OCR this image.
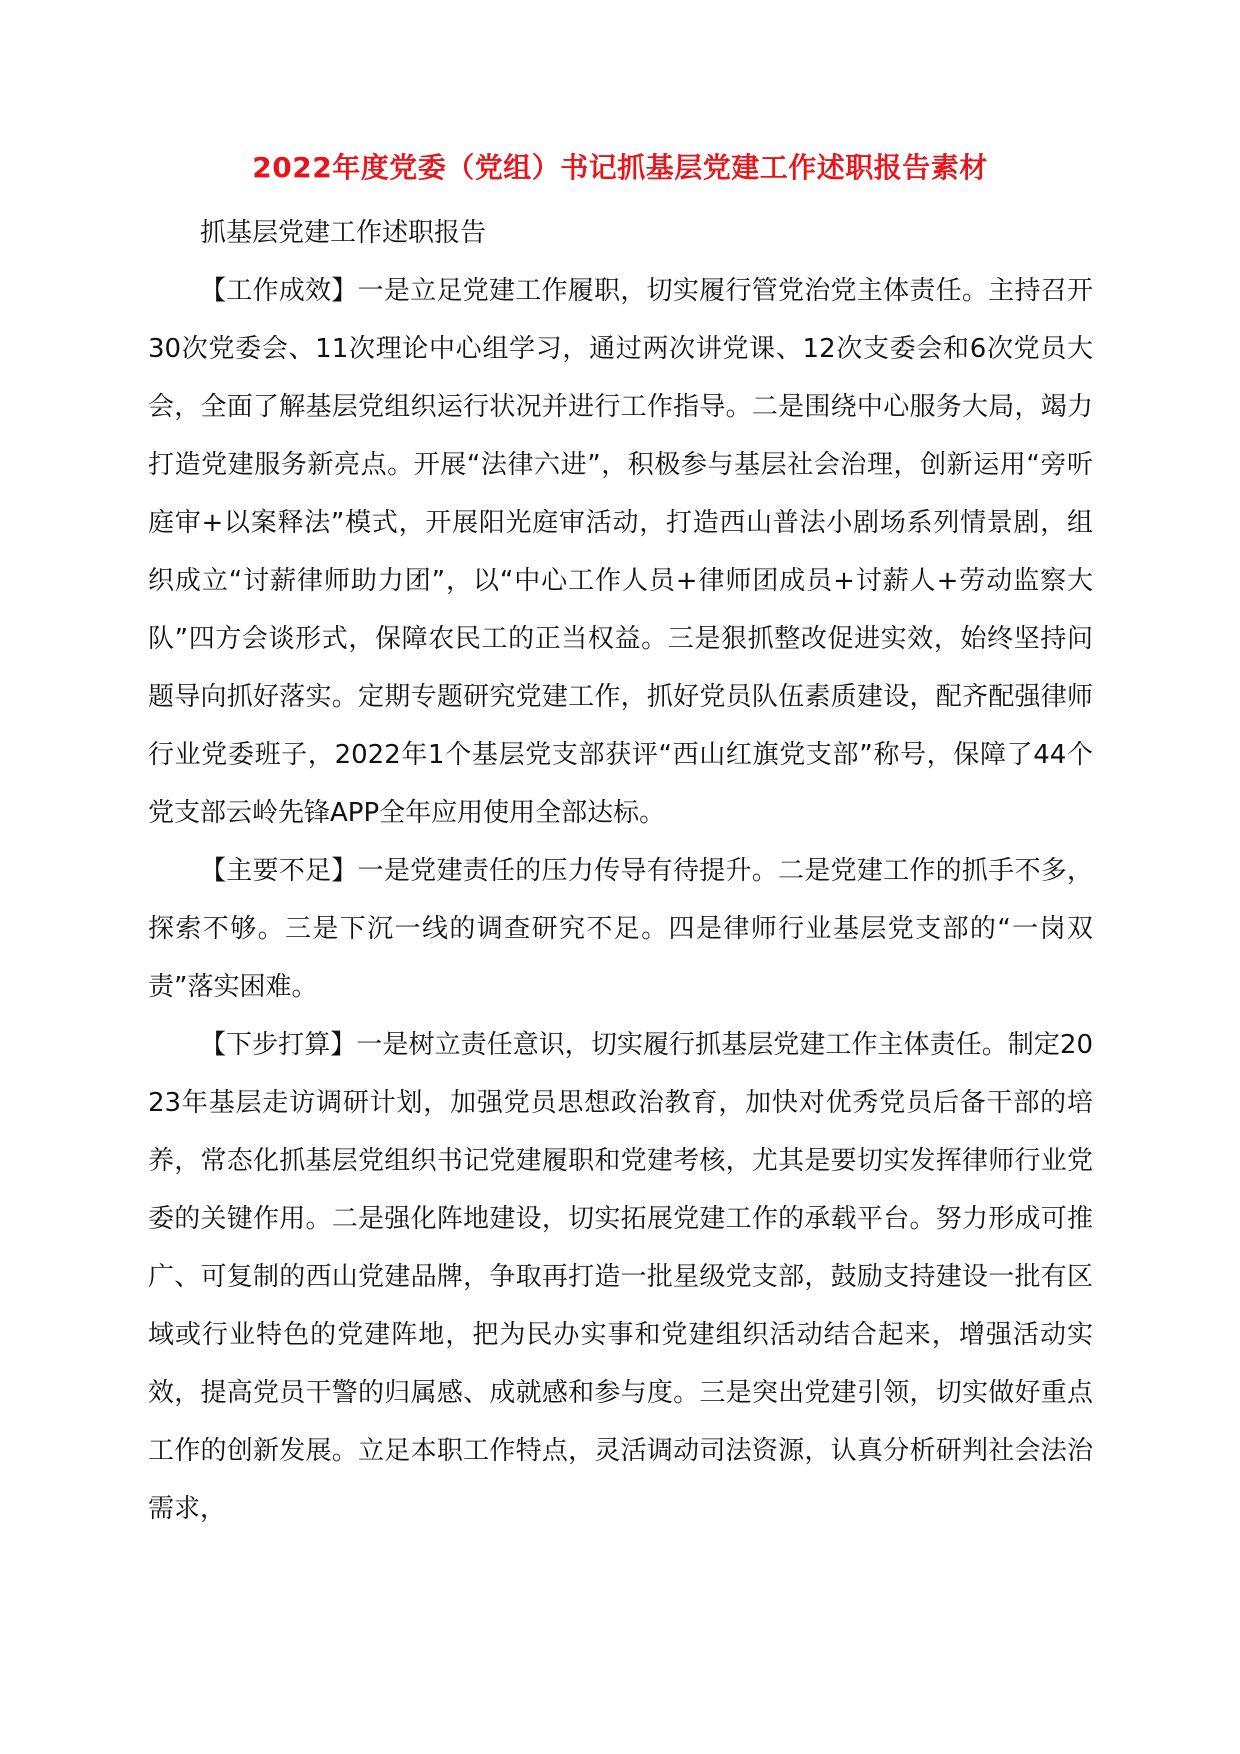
2022年度党委（党组）书记抓基层党建工作述职报告素材

抓基层党建工作述职报告

【工作成效】一是立足党建工作履职，切实履行管党治党主体责任。主持召开30次党委会、11次理论中心组学习，通过两次讲党课、12次支委会和6次党员大会，全面了解基层党组织运行状况并进行工作指导。二是围绕中心服务大局，竭力打造党建服务新亮点。开展“法律六进”，积极参与基层社会治理，创新运用“旁听庭审+以案释法”模式，开展阳光庭审活动，打造西山普法小剧场系列情景剧，组织成立“讨薪律师助力团”，以“中心工作人员+律师团成员+讨薪人+劳动监察大队”四方会谈形式，保障农民工的正当权益。三是狠抓整改促进实效，始终坚持问题导向抓好落实。定期专题研究党建工作，抓好党员队伍素质建设，配齐配强律师行业党委班子，2022年1个基层党支部获评“西山红旗党支部”称号，保障了44个党支部云岭先锋APP全年应用使用全部达标。

【主要不足】一是党建责任的压力传导有待提升。二是党建工作的抓手不多，探索不够。三是下沉一线的调查研究不足。四是律师行业基层党支部的“一岗双责”落实困难。

【下步打算】一是树立责任意识，切实履行抓基层党建工作主体责任。制定2023年基层走访调研计划，加强党员思想政治教育，加快对优秀党员后备干部的培养，常态化抓基层党组织书记党建履职和党建考核，尤其是要切实发挥律师行业党委的关键作用。二是强化阵地建设，切实拓展党建工作的承载平台。努力形成可推广、可复制的西山党建品牌，争取再打造一批星级党支部，鼓励支持建设一批有区域或行业特色的党建阵地，把为民办实事和党建组织活动结合起来，增强活动实效，提高党员干警的归属感、成就感和参与度。三是突出党建引领，切实做好重点工作的创新发展。立足本职工作特点，灵活调动司法资源，认真分析研判社会法治需求，
